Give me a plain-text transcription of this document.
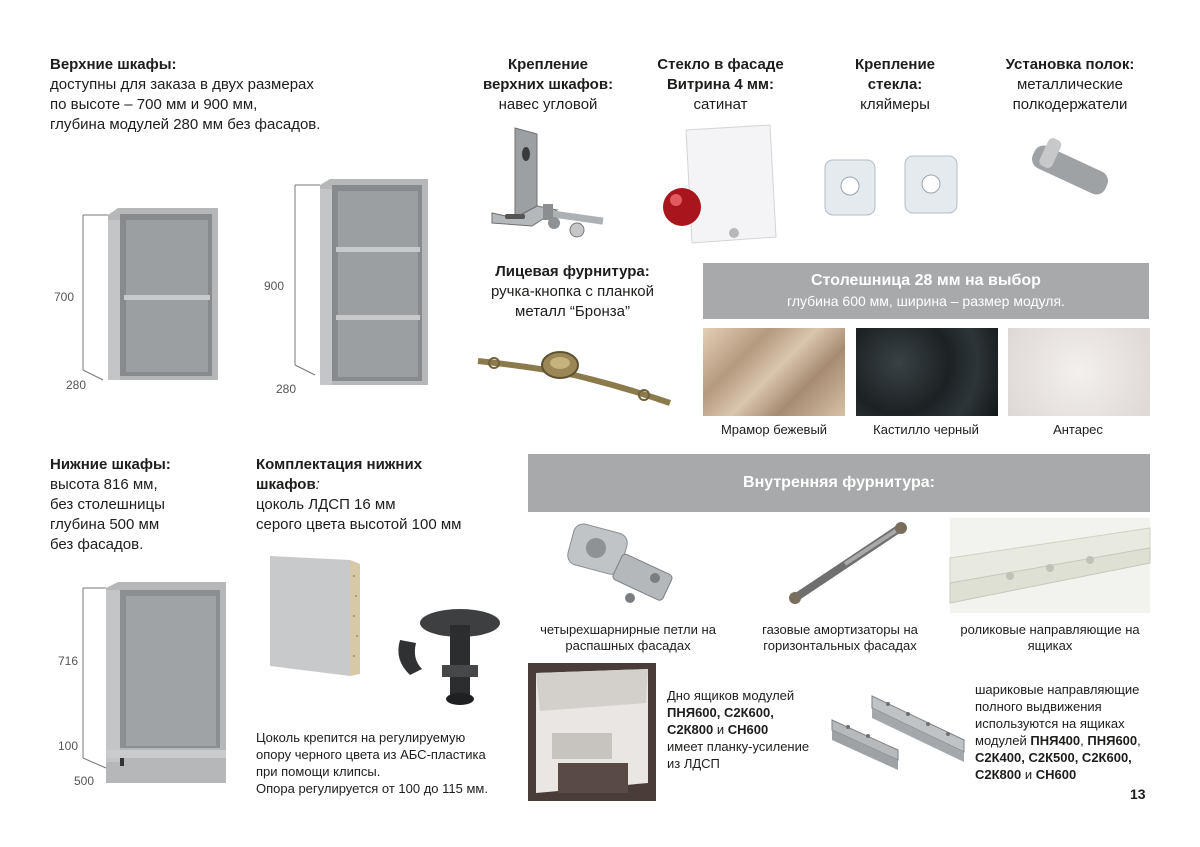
Верхние шкафы:
доступны для заказа в двух размерах
по высоте – 700 мм и 900 мм,
глубина модулей 280 мм без фасадов.
700
280
900
280
Крепление
верхних шкафов:
навес угловой
Стекло в фасаде
Витрина 4 мм:
сатинат
Крепление
стекла:
кляймеры
Установка полок:
металлические
полкодержатели
Лицевая фурнитура:
ручка-кнопка с планкой
металл “Бронза”
Столешница 28 мм на выбор
глубина 600 мм, ширина – размер модуля.
Мрамор бежевый	Кастилло черный	Антарес
Нижние шкафы:
высота 816 мм,
без столешницы
глубина 500 мм
без фасадов.
716
100
500
Комплектация нижних
шкафов:
цоколь ЛДСП 16 мм
серого цвета высотой 100 мм
Цоколь крепится на регулируемую
опору черного цвета из АБС-пластика
при помощи клипсы.
Опора регулируется от 100 до 115 мм.
Внутренняя фурнитура:
четырехшарнирные петли на
распашных фасадах
газовые амортизаторы на
горизонтальных фасадах
роликовые направляющие на
ящиках
Дно ящиков модулей
ПНЯ600, С2К600,
С2К800 и СН600
имеет планку-усиление
из ЛДСП
шариковые направляющие
полного выдвижения
используются на ящиках
модулей ПНЯ400, ПНЯ600,
С2К400, С2К500, С2К600,
С2К800 и СН600
13
